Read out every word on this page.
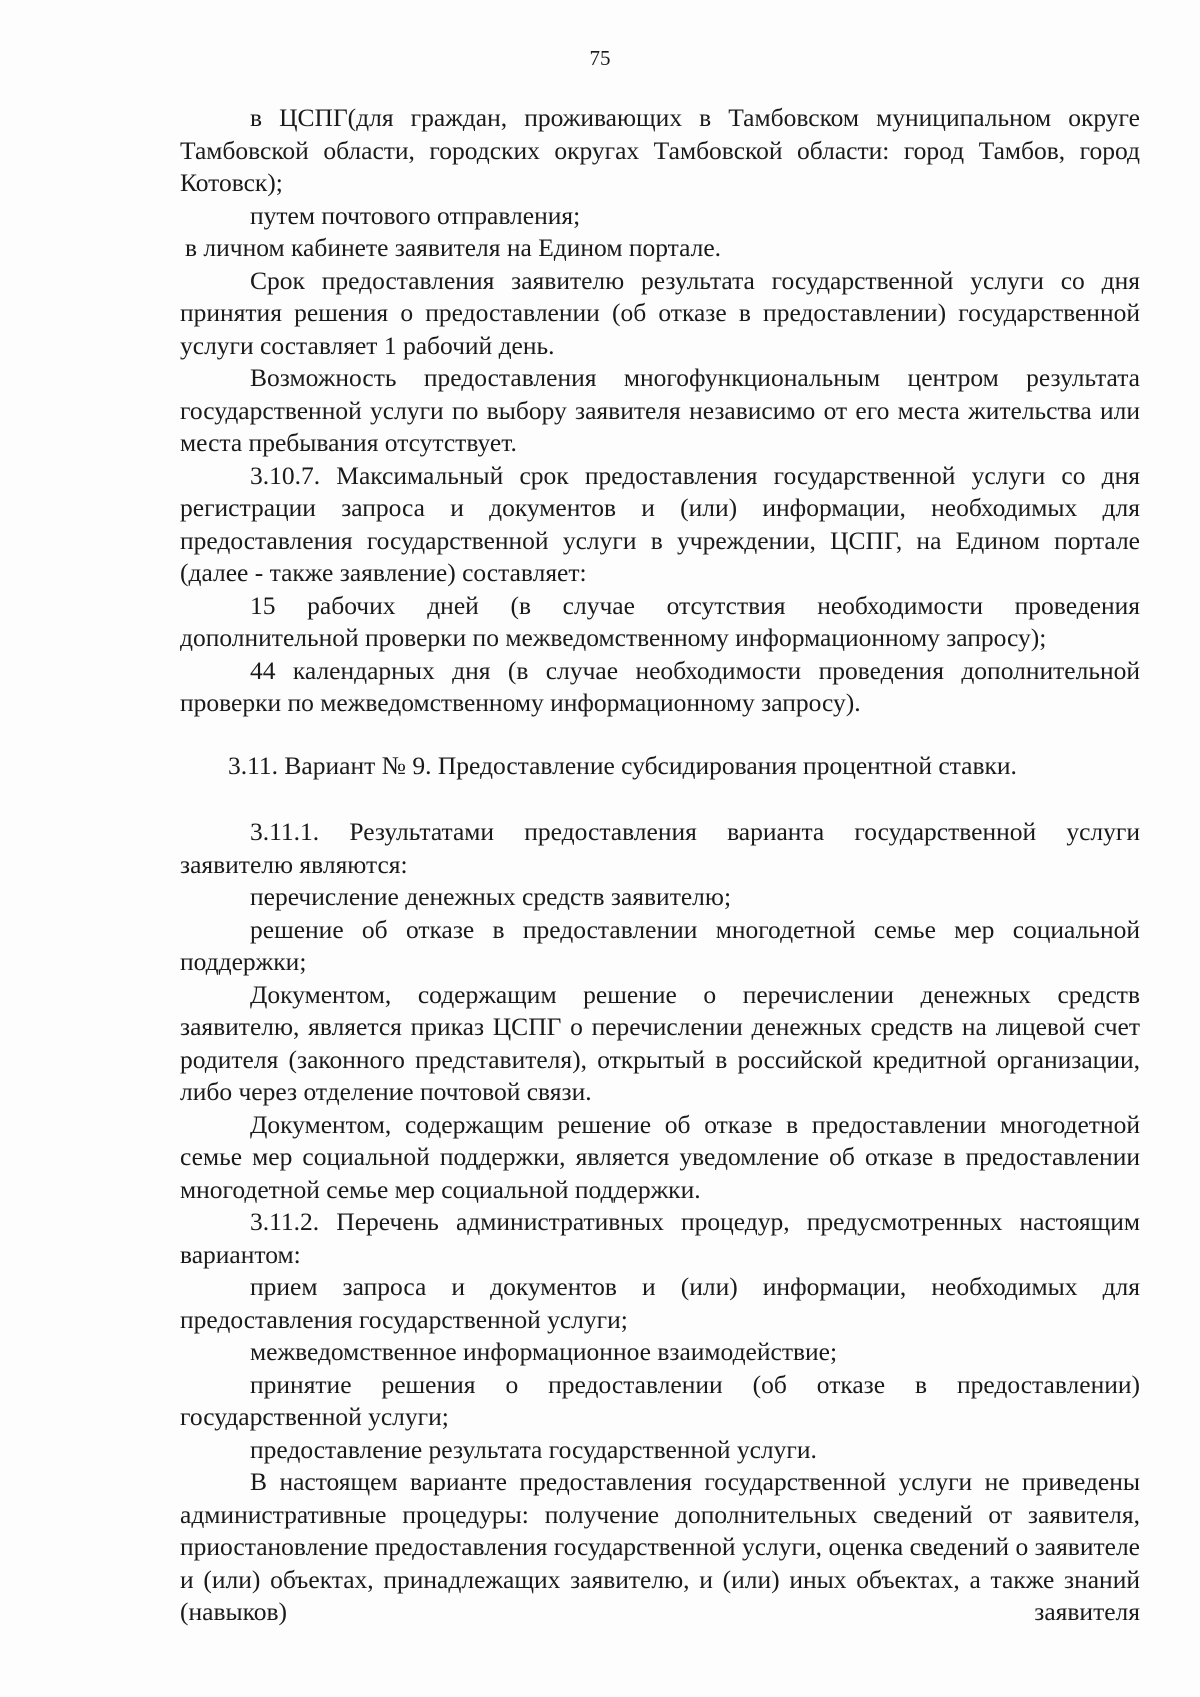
75

в ЦСПГ(для граждан, проживающих в Тамбовском муниципальном округе Тамбовской области, городских округах Тамбовской области: город Тамбов, город Котовск);

путем почтового отправления;

в личном кабинете заявителя на Едином портале.

Срок предоставления заявителю результата государственной услуги со дня принятия решения о предоставлении (об отказе в предоставлении) государственной услуги составляет 1 рабочий день.

Возможность предоставления многофункциональным центром результата государственной услуги по выбору заявителя независимо от его места жительства или места пребывания отсутствует.

3.10.7. Максимальный срок предоставления государственной услуги со дня регистрации запроса и документов и (или) информации, необходимых для предоставления государственной услуги в учреждении, ЦСПГ, на Едином портале (далее - также заявление) составляет:

15 рабочих дней (в случае отсутствия необходимости проведения дополнительной проверки по межведомственному информационному запросу);

44 календарных дня (в случае необходимости проведения дополнительной проверки по межведомственному информационному запросу).

3.11. Вариант № 9. Предоставление субсидирования процентной ставки.

3.11.1. Результатами предоставления варианта государственной услуги заявителю являются:

перечисление денежных средств заявителю;

решение об отказе в предоставлении многодетной семье мер социальной поддержки;

Документом, содержащим решение о перечислении денежных средств заявителю, является приказ ЦСПГ о перечислении денежных средств на лицевой счет родителя (законного представителя), открытый в российской кредитной организации, либо через отделение почтовой связи.

Документом, содержащим решение об отказе в предоставлении многодетной семье мер социальной поддержки, является уведомление об отказе в предоставлении многодетной семье мер социальной поддержки.

3.11.2. Перечень административных процедур, предусмотренных настоящим вариантом:

прием запроса и документов и (или) информации, необходимых для предоставления государственной услуги;

межведомственное информационное взаимодействие;

принятие решения о предоставлении (об отказе в предоставлении) государственной услуги;

предоставление результата государственной услуги.

В настоящем варианте предоставления государственной услуги не приведены административные процедуры: получение дополнительных сведений от заявителя, приостановление предоставления государственной услуги, оценка сведений о заявителе и (или) объектах, принадлежащих заявителю, и (или) иных объектах, а также знаний (навыков) заявителя
